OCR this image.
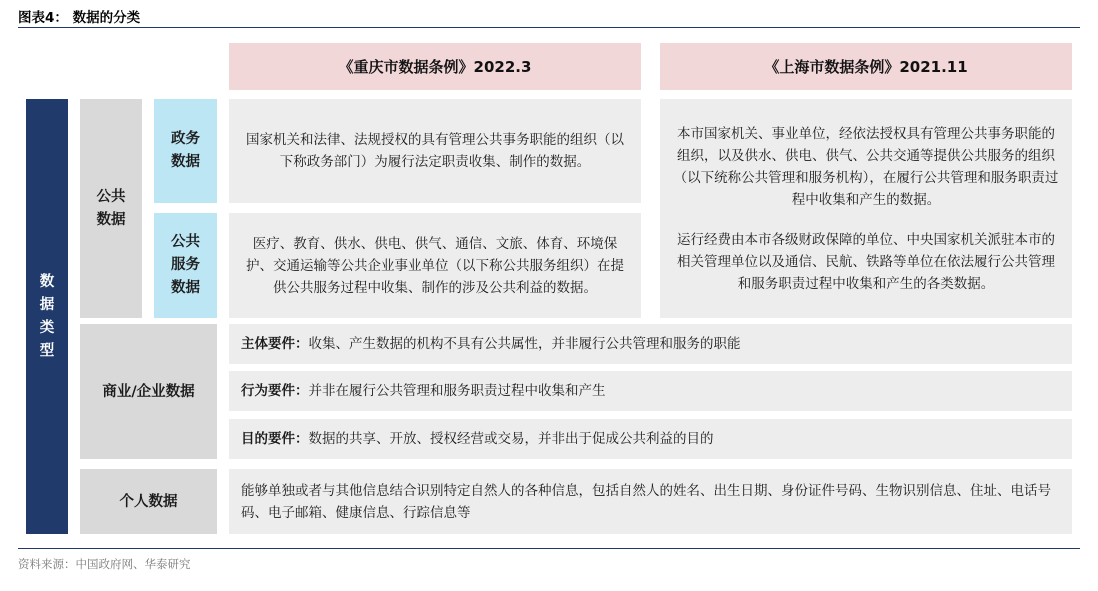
图表4： 数据的分类
《重庆市数据条例》2022.3	《上海市数据条例》2021.11
数据类型
公共数据
政务数据
公共服务数据
国家机关和法律、法规授权的具有管理公共事务职能的组织（以下称政务部门）为履行法定职责收集、制作的数据。
医疗、教育、供水、供电、供气、通信、文旅、体育、环境保护、交通运输等公共企业事业单位（以下称公共服务组织）在提供公共服务过程中收集、制作的涉及公共利益的数据。
本市国家机关、事业单位，经依法授权具有管理公共事务职能的组织，以及供水、供电、供气、公共交通等提供公共服务的组织（以下统称公共管理和服务机构），在履行公共管理和服务职责过程中收集和产生的数据。
运行经费由本市各级财政保障的单位、中央国家机关派驻本市的相关管理单位以及通信、民航、铁路等单位在依法履行公共管理和服务职责过程中收集和产生的各类数据。
商业/企业数据
主体要件： 收集、产生数据的机构不具有公共属性，并非履行公共管理和服务的职能
行为要件： 并非在履行公共管理和服务职责过程中收集和产生
目的要件： 数据的共享、开放、授权经营或交易，并非出于促成公共利益的目的
个人数据
能够单独或者与其他信息结合识别特定自然人的各种信息，包括自然人的姓名、出生日期、身份证件号码、生物识别信息、住址、电话号码、电子邮箱、健康信息、行踪信息等
资料来源：中国政府网、华泰研究
